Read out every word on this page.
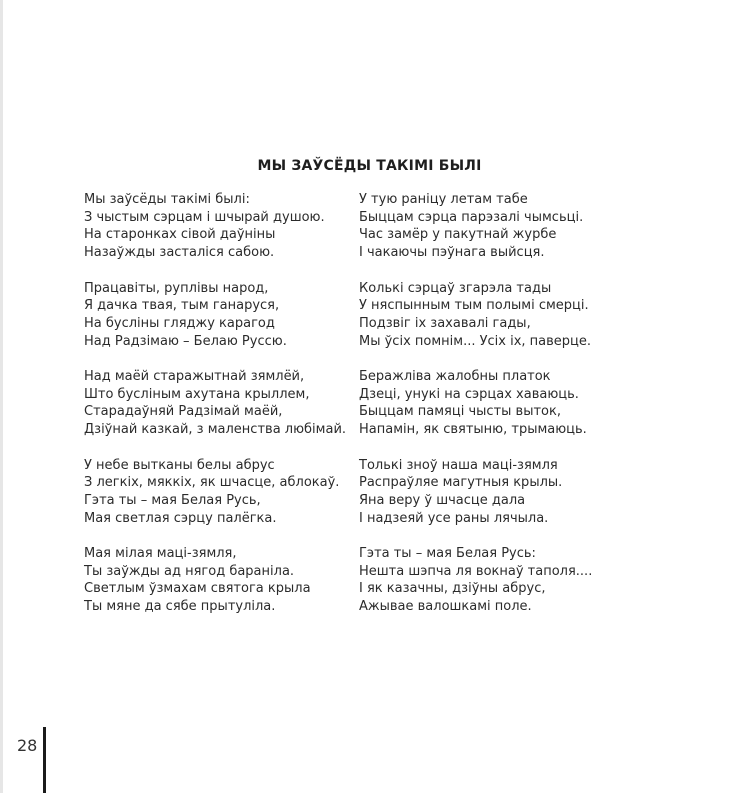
МЫ ЗАЎСЁДЫ ТАКІМІ БЫЛІ
Мы заўсёды такімі былі:
З чыстым сэрцам і шчырай душою.
На старонках сівой даўніны
Назаўжды засталіся сабою.
Працавіты, руплівы народ,
Я дачка твая, тым ганаруся,
На бусліны гляджу карагод
Над Радзімаю – Белаю Руссю.
Над маёй старажытнай зямлёй,
Што буслiным ахутана крыллем,
Старадаўняй Радзімай маёй,
Дзіўнай казкай, з маленства любімай.
У небе вытканы белы абрус
З легкіх, мяккіх, як шчасце, аблокаў.
Гэта ты – мая Белая Русь,
Мая светлая сэрцу палёгка.
Мая мілая маці-зямля,
Ты заўжды ад нягод бараніла.
Светлым ўзмахам святога крыла
Ты мяне да сябе прытуліла.
У тую раніцу летам табе
Быццам сэрца парэзалі чымсьці.
Час замёр у пакутнай журбе
І чакаючы пэўнага выйсця.
Колькі сэрцаў згарэла тады
У няспынным тым полымі смерці.
Подзвіг іх захавалі гады,
Мы ўсіх помнім... Усіх іх, паверце.
Беражліва жалобны платок
Дзеці, унукі на сэрцах хаваюць.
Быццам памяці чысты выток,
Напамін, як святыню, трымаюць.
Толькі зноў наша маці-зямля
Распраўляе магутныя крылы.
Яна веру ў шчасце дала
І надзеяй усе раны лячыла.
Гэта ты – мая Белая Русь:
Нешта шэпча ля вокнаў таполя....
І як казачны, дзіўны абрус,
Ажывае валошкамі поле.
28
